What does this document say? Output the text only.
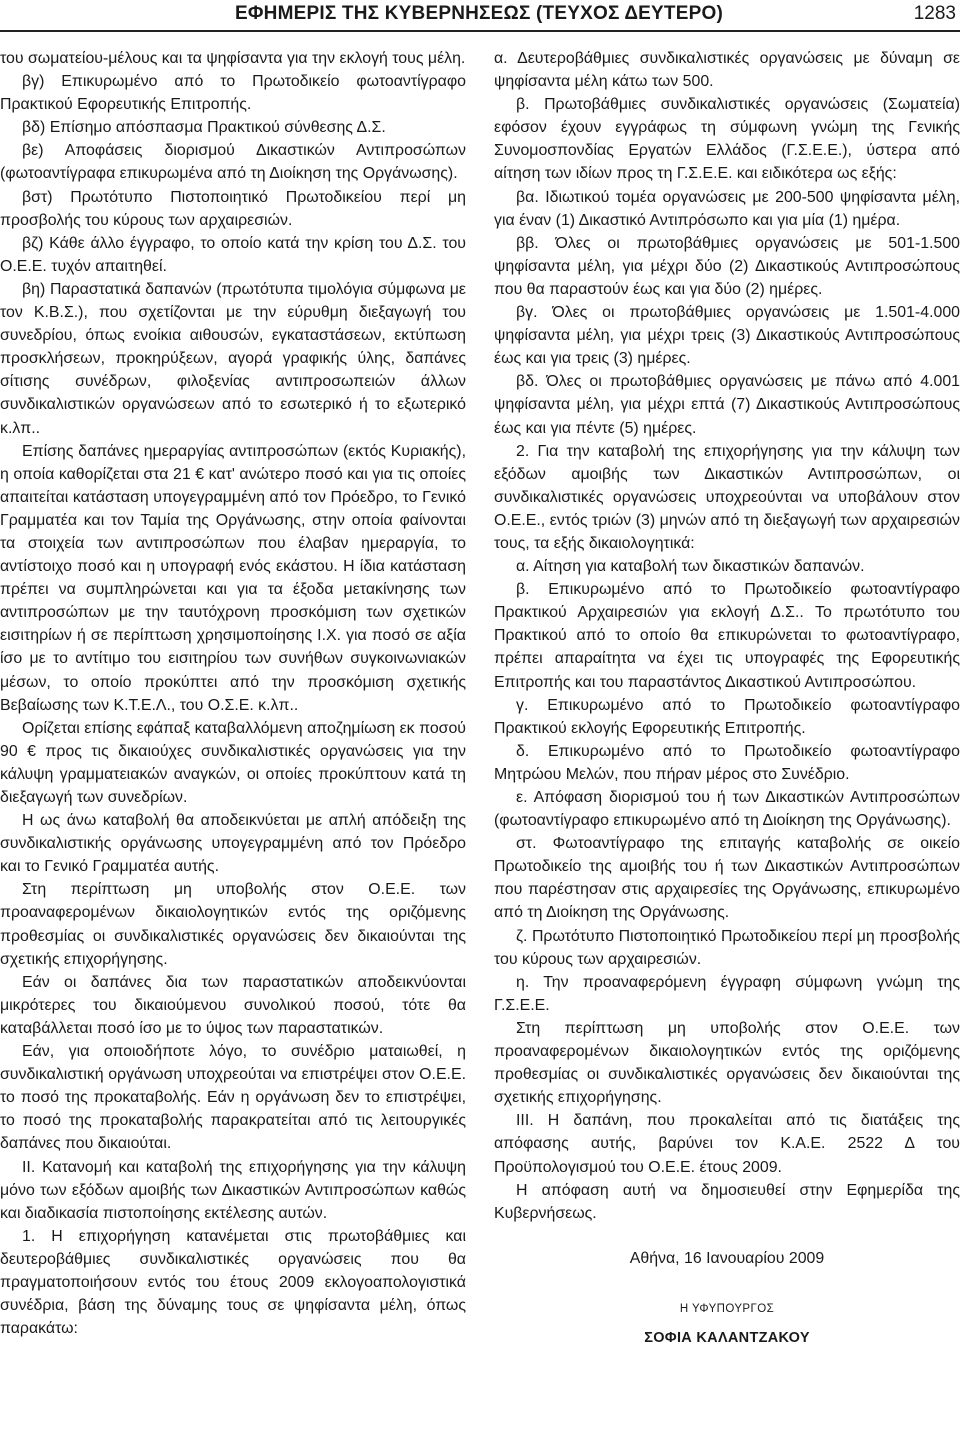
ΕΦΗΜΕΡΙΣ ΤΗΣ ΚΥΒΕΡΝΗΣΕΩΣ (ΤΕΥΧΟΣ ΔΕΥΤΕΡΟ)	1283

του σωματείου-μέλους και τα ψηφίσαντα για την εκλογή τους μέλη.

βγ) Επικυρωμένο από το Πρωτοδικείο φωτοαντίγραφο Πρακτικού Εφορευτικής Επιτροπής.

βδ) Επίσημο απόσπασμα Πρακτικού σύνθεσης Δ.Σ.

βε) Αποφάσεις διορισμού Δικαστικών Αντιπροσώπων (φωτοαντίγραφα επικυρωμένα από τη Διοίκηση της Οργάνωσης).

βστ) Πρωτότυπο Πιστοποιητικό Πρωτοδικείου περί μη προσβολής του κύρους των αρχαιρεσιών.

βζ) Κάθε άλλο έγγραφο, το οποίο κατά την κρίση του Δ.Σ. του Ο.Ε.Ε. τυχόν απαιτηθεί.

βη) Παραστατικά δαπανών (πρωτότυπα τιμολόγια σύμφωνα με τον Κ.Β.Σ.), που σχετίζονται με την εύρυθμη διεξαγωγή του συνεδρίου, όπως ενοίκια αιθουσών, εγκαταστάσεων, εκτύπωση προσκλήσεων, προκηρύξεων, αγορά γραφικής ύλης, δαπάνες σίτισης συνέδρων, φιλοξενίας αντιπροσωπειών άλλων συνδικαλιστικών οργανώσεων από το εσωτερικό ή το εξωτερικό κ.λπ..

Επίσης δαπάνες ημεραργίας αντιπροσώπων (εκτός Κυριακής), η οποία καθορίζεται στα 21 € κατ' ανώτερο ποσό και για τις οποίες απαιτείται κατάσταση υπογεγραμμένη από τον Πρόεδρο, το Γενικό Γραμματέα και τον Ταμία της Οργάνωσης, στην οποία φαίνονται τα στοιχεία των αντιπροσώπων που έλαβαν ημεραργία, το αντίστοιχο ποσό και η υπογραφή ενός εκάστου. Η ίδια κατάσταση πρέπει να συμπληρώνεται και για τα έξοδα μετακίνησης των αντιπροσώπων με την ταυτόχρονη προσκόμιση των σχετικών εισιτηρίων ή σε περίπτωση χρησιμοποίησης Ι.Χ. για ποσό σε αξία ίσο με το αντίτιμο του εισιτηρίου των συνήθων συγκοινωνιακών μέσων, το οποίο προκύπτει από την προσκόμιση σχετικής Βεβαίωσης των Κ.Τ.Ε.Λ., του Ο.Σ.Ε. κ.λπ..

Ορίζεται επίσης εφάπαξ καταβαλλόμενη αποζημίωση εκ ποσού 90 € προς τις δικαιούχες συνδικαλιστικές οργανώσεις για την κάλυψη γραμματειακών αναγκών, οι οποίες προκύπτουν κατά τη διεξαγωγή των συνεδρίων.

Η ως άνω καταβολή θα αποδεικνύεται με απλή απόδειξη της συνδικαλιστικής οργάνωσης υπογεγραμμένη από τον Πρόεδρο και το Γενικό Γραμματέα αυτής.

Στη περίπτωση μη υποβολής στον Ο.Ε.Ε. των προαναφερομένων δικαιολογητικών εντός της οριζόμενης προθεσμίας οι συνδικαλιστικές οργανώσεις δεν δικαιούνται της σχετικής επιχορήγησης.

Εάν οι δαπάνες δια των παραστατικών αποδεικνύονται μικρότερες του δικαιούμενου συνολικού ποσού, τότε θα καταβάλλεται ποσό ίσο με το ύψος των παραστατικών.

Εάν, για οποιοδήποτε λόγο, το συνέδριο ματαιωθεί, η συνδικαλιστική οργάνωση υποχρεούται να επιστρέψει στον Ο.Ε.Ε. το ποσό της προκαταβολής. Εάν η οργάνωση δεν το επιστρέψει, το ποσό της προκαταβολής παρακρατείται από τις λειτουργικές δαπάνες που δικαιούται.

ΙΙ. Κατανομή και καταβολή της επιχορήγησης για την κάλυψη μόνο των εξόδων αμοιβής των Δικαστικών Αντιπροσώπων καθώς και διαδικασία πιστοποίησης εκτέλεσης αυτών.

1. Η επιχορήγηση κατανέμεται στις πρωτοβάθμιες και δευτεροβάθμιες συνδικαλιστικές οργανώσεις που θα πραγματοποιήσουν εντός του έτους 2009 εκλογοαπολογιστικά συνέδρια, βάση της δύναμης τους σε ψηφίσαντα μέλη, όπως παρακάτω:

α. Δευτεροβάθμιες συνδικαλιστικές οργανώσεις με δύναμη σε ψηφίσαντα μέλη κάτω των 500.

β. Πρωτοβάθμιες συνδικαλιστικές οργανώσεις (Σωματεία) εφόσον έχουν εγγράφως τη σύμφωνη γνώμη της Γενικής Συνομοσπονδίας Εργατών Ελλάδος (Γ.Σ.Ε.Ε.), ύστερα από αίτηση των ιδίων προς τη Γ.Σ.Ε.Ε. και ειδικότερα ως εξής:

βα. Ιδιωτικού τομέα οργανώσεις με 200-500 ψηφίσαντα μέλη, για έναν (1) Δικαστικό Αντιπρόσωπο και για μία (1) ημέρα.

ββ. Όλες οι πρωτοβάθμιες οργανώσεις με 501-1.500 ψηφίσαντα μέλη, για μέχρι δύο (2) Δικαστικούς Αντιπροσώπους που θα παραστούν έως και για δύο (2) ημέρες.

βγ. Όλες οι πρωτοβάθμιες οργανώσεις με 1.501-4.000 ψηφίσαντα μέλη, για μέχρι τρεις (3) Δικαστικούς Αντιπροσώπους έως και για τρεις (3) ημέρες.

βδ. Όλες οι πρωτοβάθμιες οργανώσεις με πάνω από 4.001 ψηφίσαντα μέλη, για μέχρι επτά (7) Δικαστικούς Αντιπροσώπους έως και για πέντε (5) ημέρες.

2. Για την καταβολή της επιχορήγησης για την κάλυψη των εξόδων αμοιβής των Δικαστικών Αντιπροσώπων, οι συνδικαλιστικές οργανώσεις υποχρεούνται να υποβάλουν στον Ο.Ε.Ε., εντός τριών (3) μηνών από τη διεξαγωγή των αρχαιρεσιών τους, τα εξής δικαιολογητικά:

α. Αίτηση για καταβολή των δικαστικών δαπανών.

β. Επικυρωμένο από το Πρωτοδικείο φωτοαντίγραφο Πρακτικού Αρχαιρεσιών για εκλογή Δ.Σ.. Το πρωτότυπο του Πρακτικού από το οποίο θα επικυρώνεται το φωτοαντίγραφο, πρέπει απαραίτητα να έχει τις υπογραφές της Εφορευτικής Επιτροπής και του παραστάντος Δικαστικού Αντιπροσώπου.

γ. Επικυρωμένο από το Πρωτοδικείο φωτοαντίγραφο Πρακτικού εκλογής Εφορευτικής Επιτροπής.

δ. Επικυρωμένο από το Πρωτοδικείο φωτοαντίγραφο Μητρώου Μελών, που πήραν μέρος στο Συνέδριο.

ε. Απόφαση διορισμού του ή των Δικαστικών Αντιπροσώπων (φωτοαντίγραφο επικυρωμένο από τη Διοίκηση της Οργάνωσης).

στ. Φωτοαντίγραφο της επιταγής καταβολής σε οικείο Πρωτοδικείο της αμοιβής του ή των Δικαστικών Αντιπροσώπων που παρέστησαν στις αρχαιρεσίες της Οργάνωσης, επικυρωμένο από τη Διοίκηση της Οργάνωσης.

ζ. Πρωτότυπο Πιστοποιητικό Πρωτοδικείου περί μη προσβολής του κύρους των αρχαιρεσιών.

η. Την προαναφερόμενη έγγραφη σύμφωνη γνώμη της Γ.Σ.Ε.Ε.

Στη περίπτωση μη υποβολής στον Ο.Ε.Ε. των προαναφερομένων δικαιολογητικών εντός της οριζόμενης προθεσμίας οι συνδικαλιστικές οργανώσεις δεν δικαιούνται της σχετικής επιχορήγησης.

ΙΙΙ. Η δαπάνη, που προκαλείται από τις διατάξεις της απόφασης αυτής, βαρύνει τον Κ.Α.Ε. 2522 Δ του Προϋπολογισμού του Ο.Ε.Ε. έτους 2009.

Η απόφαση αυτή να δημοσιευθεί στην Εφημερίδα της Κυβερνήσεως.

Αθήνα, 16 Ιανουαρίου 2009
Η ΥΦΥΠΟΥΡΓΟΣ
ΣΟΦΙΑ ΚΑΛΑΝΤΖΑΚΟΥ
